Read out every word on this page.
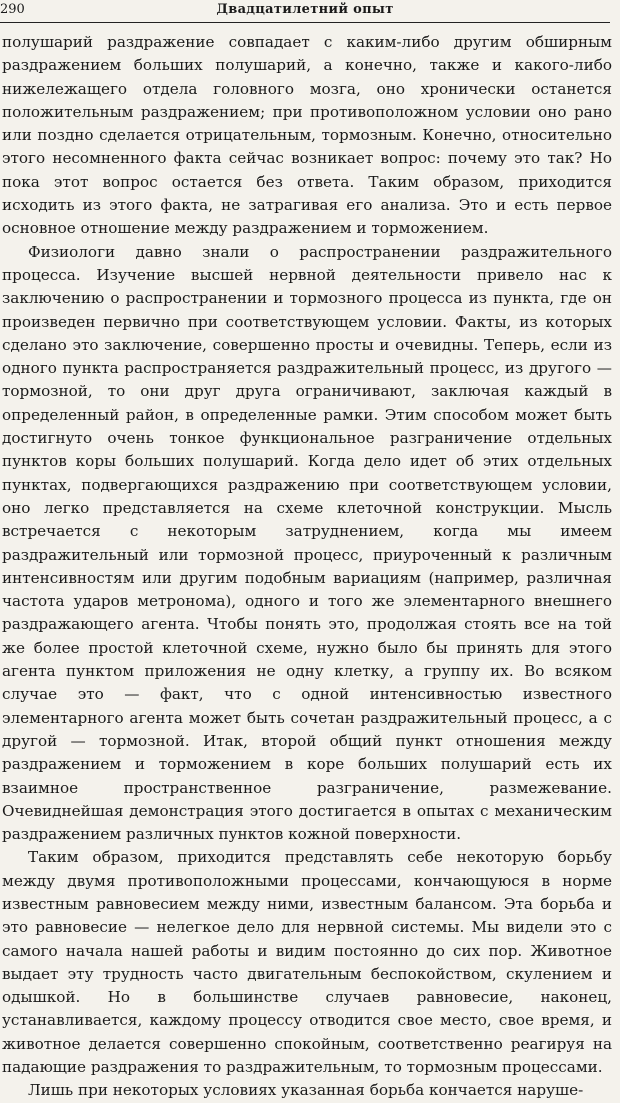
290	Двадцатилетний опыт

полушарий раздражение совпадает с каким-либо другим обширным раздражением больших полушарий, а конечно, также и какого-либо нижележащего отдела головного мозга, оно хронически останется положительным раздражением; при противоположном условии оно рано или поздно сделается отрицательным, тормозным. Конечно, относительно этого несомненного факта сейчас возникает вопрос: почему это так? Но пока этот вопрос остается без ответа. Таким образом, приходится исходить из этого факта, не затрагивая его анализа. Это и есть первое основное отношение между раздражением и торможением.

Физиологи давно знали о распространении раздражительного процесса. Изучение высшей нервной деятельности привело нас к заключению о распространении и тормозного процесса из пункта, где он произведен первично при соответствующем условии. Факты, из которых сделано это заключение, совершенно просты и очевидны. Теперь, если из одного пункта распространяется раздражительный процесс, из другого — тормозной, то они друг друга ограничивают, заключая каждый в определенный район, в определенные рамки. Этим способом может быть достигнуто очень тонкое функциональное разграничение отдельных пунктов коры больших полушарий. Когда дело идет об этих отдельных пунктах, подвергающихся раздражению при соответствующем условии, оно легко представляется на схеме клеточной конструкции. Мысль встречается с некоторым затруднением, когда мы имеем раздражительный или тормозной процесс, приуроченный к различным интенсивностям или другим подобным вариациям (например, различная частота ударов метронома), одного и того же элементарного внешнего раздражающего агента. Чтобы понять это, продолжая стоять все на той же более простой клеточной схеме, нужно было бы принять для этого агента пунктом приложения не одну клетку, а группу их. Во всяком случае это — факт, что с одной интенсивностью известного элементарного агента может быть сочетан раздражительный процесс, а с другой — тормозной. Итак, второй общий пункт отношения между раздражением и торможением в коре больших полушарий есть их взаимное пространственное разграничение, размежевание. Очевиднейшая демонстрация этого достигается в опытах с механическим раздражением различных пунктов кожной поверхности.

Таким образом, приходится представлять себе некоторую борьбу между двумя противоположными процессами, кончающуюся в норме известным равновесием между ними, известным балансом. Эта борьба и это равновесие — нелегкое дело для нервной системы. Мы видели это с самого начала нашей работы и видим постоянно до сих пор. Животное выдает эту трудность часто двигательным беспокойством, скулением и одышкой. Но в большинстве случаев равновесие, наконец, устанавливается, каждому процессу отводится свое место, свое время, и животное делается совершенно спокойным, соответственно реагируя на падающие раздражения то раздражительным, то тормозным процессами.

Лишь при некоторых условиях указанная борьба кончается наруше-
